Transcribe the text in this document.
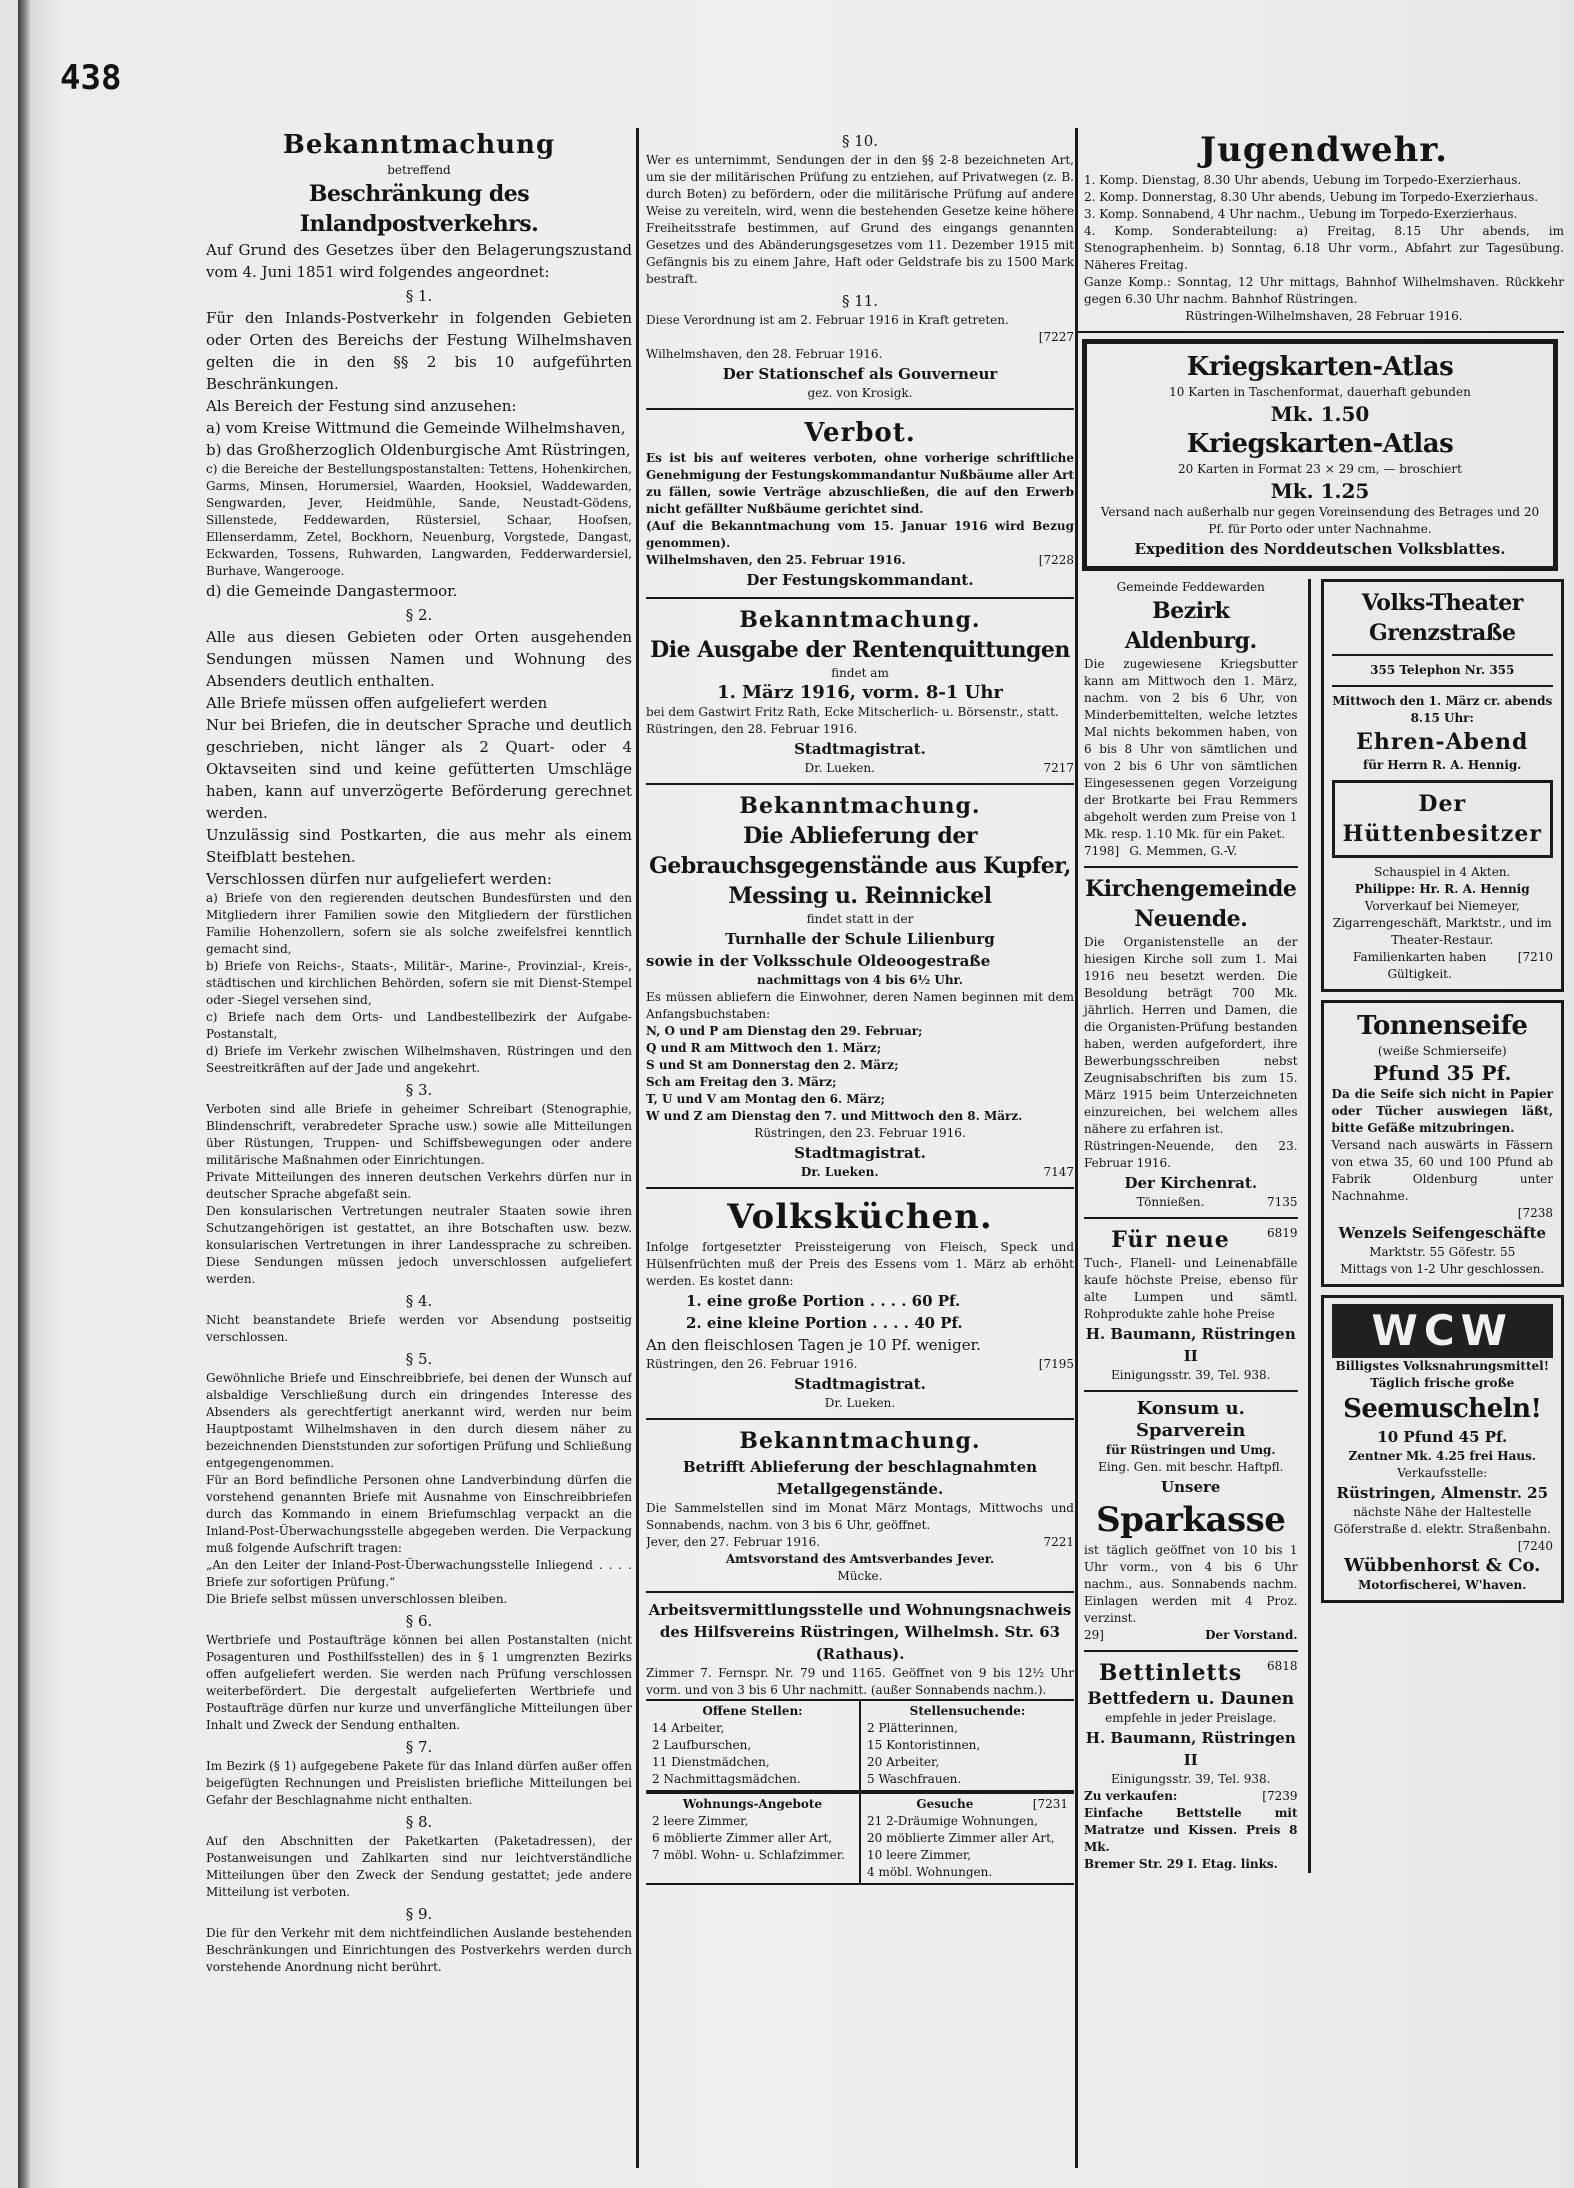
438

Bekanntmachung

betreffend

Beschränkung des Inlandpostverkehrs.

Auf Grund des Gesetzes über den Belagerungszustand vom 4. Juni 1851 wird folgendes angeordnet:

§ 1.

Für den Inlands-Postverkehr in folgenden Gebieten oder Orten des Bereichs der Festung Wilhelmshaven gelten die in den §§ 2 bis 10 aufgeführten Beschränkungen.

Als Bereich der Festung sind anzusehen:

a) vom Kreise Wittmund die Gemeinde Wilhelmshaven,

b) das Großherzoglich Oldenburgische Amt Rüstringen,

c) die Bereiche der Bestellungspostanstalten: Tettens, Hohenkirchen, Garms, Minsen, Horumersiel, Waarden, Hooksiel, Waddewarden, Sengwarden, Jever, Heidmühle, Sande, Neustadt-Gödens, Sillenstede, Feddewarden, Rüstersiel, Schaar, Hoofsen, Ellenserdamm, Zetel, Bockhorn, Neuenburg, Vorgstede, Dangast, Eckwarden, Tossens, Ruhwarden, Langwarden, Fedderwardersiel, Burhave, Wangerooge.

d) die Gemeinde Dangastermoor.

§ 2.

Alle aus diesen Gebieten oder Orten ausgehenden Sendungen müssen Namen und Wohnung des Absenders deutlich enthalten.

Alle Briefe müssen offen aufgeliefert werden

Nur bei Briefen, die in deutscher Sprache und deutlich geschrieben, nicht länger als 2 Quart- oder 4 Oktavseiten sind und keine gefütterten Umschläge haben, kann auf unverzögerte Beförderung gerechnet werden.

Unzulässig sind Postkarten, die aus mehr als einem Steifblatt bestehen.

Verschlossen dürfen nur aufgeliefert werden:

a) Briefe von den regierenden deutschen Bundesfürsten und den Mitgliedern ihrer Familien sowie den Mitgliedern der fürstlichen Familie Hohenzollern, sofern sie als solche zweifelsfrei kenntlich gemacht sind,

b) Briefe von Reichs-, Staats-, Militär-, Marine-, Provinzial-, Kreis-, städtischen und kirchlichen Behörden, sofern sie mit Dienst-Stempel oder -Siegel versehen sind,

c) Briefe nach dem Orts- und Landbestellbezirk der Aufgabe-Postanstalt,

d) Briefe im Verkehr zwischen Wilhelmshaven, Rüstringen und den Seestreitkräften auf der Jade und angekehrt.

§ 3.

Verboten sind alle Briefe in geheimer Schreibart (Stenographie, Blindenschrift, verabredeter Sprache usw.) sowie alle Mitteilungen über Rüstungen, Truppen- und Schiffsbewegungen oder andere militärische Maßnahmen oder Einrichtungen.

Private Mitteilungen des inneren deutschen Verkehrs dürfen nur in deutscher Sprache abgefaßt sein.

Den konsularischen Vertretungen neutraler Staaten sowie ihren Schutzangehörigen ist gestattet, an ihre Botschaften usw. bezw. konsularischen Vertretungen in ihrer Landessprache zu schreiben. Diese Sendungen müssen jedoch unverschlossen aufgeliefert werden.

§ 4.

Nicht beanstandete Briefe werden vor Absendung postseitig verschlossen.

§ 5.

Gewöhnliche Briefe und Einschreibbriefe, bei denen der Wunsch auf alsbaldige Verschließung durch ein dringendes Interesse des Absenders als gerechtfertigt anerkannt wird, werden nur beim Hauptpostamt Wilhelmshaven in den durch diesem näher zu bezeichnenden Dienststunden zur sofortigen Prüfung und Schließung entgegengenommen.

Für an Bord befindliche Personen ohne Landverbindung dürfen die vorstehend genannten Briefe mit Ausnahme von Einschreibbriefen durch das Kommando in einem Briefumschlag verpackt an die Inland-Post-Überwachungsstelle abgegeben werden. Die Verpackung muß folgende Aufschrift tragen:

„An den Leiter der Inland-Post-Überwachungsstelle Inliegend . . . . Briefe zur sofortigen Prüfung.“

Die Briefe selbst müssen unverschlossen bleiben.

§ 6.

Wertbriefe und Postaufträge können bei allen Postanstalten (nicht Posagenturen und Posthilfsstellen) des in § 1 umgrenzten Bezirks offen aufgeliefert werden. Sie werden nach Prüfung verschlossen weiterbefördert. Die dergestalt aufgelieferten Wertbriefe und Postaufträge dürfen nur kurze und unverfängliche Mitteilungen über Inhalt und Zweck der Sendung enthalten.

§ 7.

Im Bezirk (§ 1) aufgegebene Pakete für das Inland dürfen außer offen beigefügten Rechnungen und Preislisten briefliche Mitteilungen bei Gefahr der Beschlagnahme nicht enthalten.

§ 8.

Auf den Abschnitten der Paketkarten (Paketadressen), der Postanweisungen und Zahlkarten sind nur leichtverständliche Mitteilungen über den Zweck der Sendung gestattet; jede andere Mitteilung ist verboten.

§ 9.

Die für den Verkehr mit dem nichtfeindlichen Auslande bestehenden Beschränkungen und Einrichtungen des Postverkehrs werden durch vorstehende Anordnung nicht berührt.

§ 10.

Wer es unternimmt, Sendungen der in den §§ 2-8 bezeichneten Art, um sie der militärischen Prüfung zu entziehen, auf Privatwegen (z. B. durch Boten) zu befördern, oder die militärische Prüfung auf andere Weise zu vereiteln, wird, wenn die bestehenden Gesetze keine höhere Freiheitsstrafe bestimmen, auf Grund des eingangs genannten Gesetzes und des Abänderungsgesetzes vom 11. Dezember 1915 mit Gefängnis bis zu einem Jahre, Haft oder Geldstrafe bis zu 1500 Mark bestraft.

§ 11.

Diese Verordnung ist am 2. Februar 1916 in Kraft getreten.

[7227

Wilhelmshaven, den 28. Februar 1916.

Der Stationschef als Gouverneur

gez. von Krosigk.

Verbot.

Es ist bis auf weiteres verboten, ohne vorherige schriftliche Genehmigung der Festungskommandantur Nußbäume aller Art zu fällen, sowie Verträge abzuschließen, die auf den Erwerb nicht gefällter Nußbäume gerichtet sind.

(Auf die Bekanntmachung vom 15. Januar 1916 wird Bezug genommen).

Wilhelmshaven, den 25. Februar 1916.	[7228

Der Festungskommandant.

Bekanntmachung.

Die Ausgabe der Rentenquittungen

findet am

1. März 1916, vorm. 8-1 Uhr

bei dem Gastwirt Fritz Rath, Ecke Mitscherlich- u. Börsenstr., statt.

Rüstringen, den 28. Februar 1916.

Stadtmagistrat.

Dr. Lueken.	7217

Bekanntmachung.

Die Ablieferung der Gebrauchsgegenstände aus Kupfer, Messing u. Reinnickel

findet statt in der

Turnhalle der Schule Lilienburg

sowie in der Volksschule Oldeoogestraße

nachmittags von 4 bis 6½ Uhr.

Es müssen abliefern die Einwohner, deren Namen beginnen mit dem Anfangsbuchstaben:

N, O und P am Dienstag den 29. Februar;

Q und R am Mittwoch den 1. März;

S und St am Donnerstag den 2. März;

Sch am Freitag den 3. März;

T, U und V am Montag den 6. März;

W und Z am Dienstag den 7. und Mittwoch den 8. März.

Rüstringen, den 23. Februar 1916.

Stadtmagistrat.

Dr. Lueken.	7147

Volksküchen.

Infolge fortgesetzter Preissteigerung von Fleisch, Speck und Hülsenfrüchten muß der Preis des Essens vom 1. März ab erhöht werden. Es kostet dann:

1. eine große Portion . . . . 60 Pf.

2. eine kleine Portion . . . . 40 Pf.

An den fleischlosen Tagen je 10 Pf. weniger.

Rüstringen, den 26. Februar 1916.	[7195

Stadtmagistrat.

Dr. Lueken.

Bekanntmachung.

Betrifft Ablieferung der beschlagnahmten Metallgegenstände.

Die Sammelstellen sind im Monat März Montags, Mittwochs und Sonnabends, nachm. von 3 bis 6 Uhr, geöffnet.

Jever, den 27. Februar 1916.	7221

Amtsvorstand des Amtsverbandes Jever.

Mücke.

Arbeitsvermittlungsstelle und Wohnungsnachweis des Hilfsvereins Rüstringen, Wilhelmsh. Str. 63 (Rathaus).

Zimmer 7. Fernspr. Nr. 79 und 1165. Geöffnet von 9 bis 12½ Uhr vorm. und von 3 bis 6 Uhr nachmitt. (außer Sonnabends nachm.).

Offene Stellen:

14 Arbeiter,

2 Laufburschen,

11 Dienstmädchen,

2 Nachmittagsmädchen.

Stellensuchende:

2 Plätterinnen,

15 Kontoristinnen,

20 Arbeiter,

5 Waschfrauen.

Wohnungs-Angebote

2 leere Zimmer,

6 möblierte Zimmer aller Art,

7 möbl. Wohn- u. Schlafzimmer.

Gesuche	[7231

21 2-Dräumige Wohnungen,

20 möblierte Zimmer aller Art,

10 leere Zimmer,

4 möbl. Wohnungen.

Jugendwehr.

1. Komp. Dienstag, 8.30 Uhr abends, Uebung im Torpedo-Exerzierhaus.

2. Komp. Donnerstag, 8.30 Uhr abends, Uebung im Torpedo-Exerzierhaus.

3. Komp. Sonnabend, 4 Uhr nachm., Uebung im Torpedo-Exerzierhaus.

4. Komp. Sonderabteilung: a) Freitag, 8.15 Uhr abends, im Stenographenheim. b) Sonntag, 6.18 Uhr vorm., Abfahrt zur Tagesübung. Näheres Freitag.

Ganze Komp.: Sonntag, 12 Uhr mittags, Bahnhof Wilhelmshaven. Rückkehr gegen 6.30 Uhr nachm. Bahnhof Rüstringen.

Rüstringen-Wilhelmshaven, 28 Februar 1916.

Kriegskarten-Atlas

10 Karten in Taschenformat, dauerhaft gebunden

Mk. 1.50

Kriegskarten-Atlas

20 Karten in Format 23 × 29 cm, — broschiert

Mk. 1.25

Versand nach außerhalb nur gegen Voreinsendung des Betrages und 20 Pf. für Porto oder unter Nachnahme.

Expedition des Norddeutschen Volksblattes.

Gemeinde Feddewarden

Bezirk Aldenburg.

Die zugewiesene Kriegsbutter kann am Mittwoch den 1. März, nachm. von 2 bis 6 Uhr, von Minderbemittelten, welche letztes Mal nichts bekommen haben, von 6 bis 8 Uhr von sämtlichen und von 2 bis 6 Uhr von sämtlichen Eingesessenen gegen Vorzeigung der Brotkarte bei Frau Remmers abgeholt werden zum Preise von 1 Mk. resp. 1.10 Mk. für ein Paket.

7198] G. Memmen, G.-V.

Kirchengemeinde Neuende.

Die Organistenstelle an der hiesigen Kirche soll zum 1. Mai 1916 neu besetzt werden. Die Besoldung beträgt 700 Mk. jährlich. Herren und Damen, die die Organisten-Prüfung bestanden haben, werden aufgefordert, ihre Bewerbungsschreiben nebst Zeugnisabschriften bis zum 15. März 1915 beim Unterzeichneten einzureichen, bei welchem alles nähere zu erfahren ist.

Rüstringen-Neuende, den 23. Februar 1916.

Der Kirchenrat.

Tönnießen.	7135

Für neue	6819

Tuch-, Flanell- und Leinenabfälle kaufe höchste Preise, ebenso für alte Lumpen und sämtl. Rohprodukte zahle hohe Preise

H. Baumann, Rüstringen II

Einigungsstr. 39, Tel. 938.

Konsum u. Sparverein

für Rüstringen und Umg.

Eing. Gen. mit beschr. Haftpfl.

Unsere

Sparkasse

ist täglich geöffnet von 10 bis 1 Uhr vorm., von 4 bis 6 Uhr nachm., aus. Sonnabends nachm. Einlagen werden mit 4 Proz. verzinst.

29]	Der Vorstand.

Bettinletts	6818

Bettfedern u. Daunen

empfehle in jeder Preislage.

H. Baumann, Rüstringen II

Einigungsstr. 39, Tel. 938.

Zu verkaufen:	[7239

Einfache Bettstelle mit Matratze und Kissen. Preis 8 Mk.

Bremer Str. 29 I. Etag. links.

Volks-Theater

Grenzstraße

355 Telephon Nr. 355

Mittwoch den 1. März cr. abends 8.15 Uhr:

Ehren-Abend

für Herrn R. A. Hennig.

Der Hüttenbesitzer

Schauspiel in 4 Akten.

Philippe: Hr. R. A. Hennig

Vorverkauf bei Niemeyer, Zigarrengeschäft, Marktstr., und im Theater-Restaur.

Familienkarten haben Gültigkeit.

[7210

Tonnenseife

(weiße Schmierseife)

Pfund 35 Pf.

Da die Seife sich nicht in Papier oder Tücher auswiegen läßt, bitte Gefäße mitzubringen.

Versand nach auswärts in Fässern von etwa 35, 60 und 100 Pfund ab Fabrik Oldenburg unter Nachnahme.

[7238

Wenzels Seifengeschäfte

Marktstr. 55 Göfestr. 55

Mittags von 1-2 Uhr geschlossen.

WCW

Billigstes Volksnahrungsmittel!

Täglich frische große

Seemuscheln!

10 Pfund 45 Pf.

Zentner Mk. 4.25 frei Haus.

Verkaufsstelle:

Rüstringen, Almenstr. 25

nächste Nähe der Haltestelle Göferstraße d. elektr. Straßenbahn.

[7240

Wübbenhorst & Co.

Motorfischerei, W'haven.
